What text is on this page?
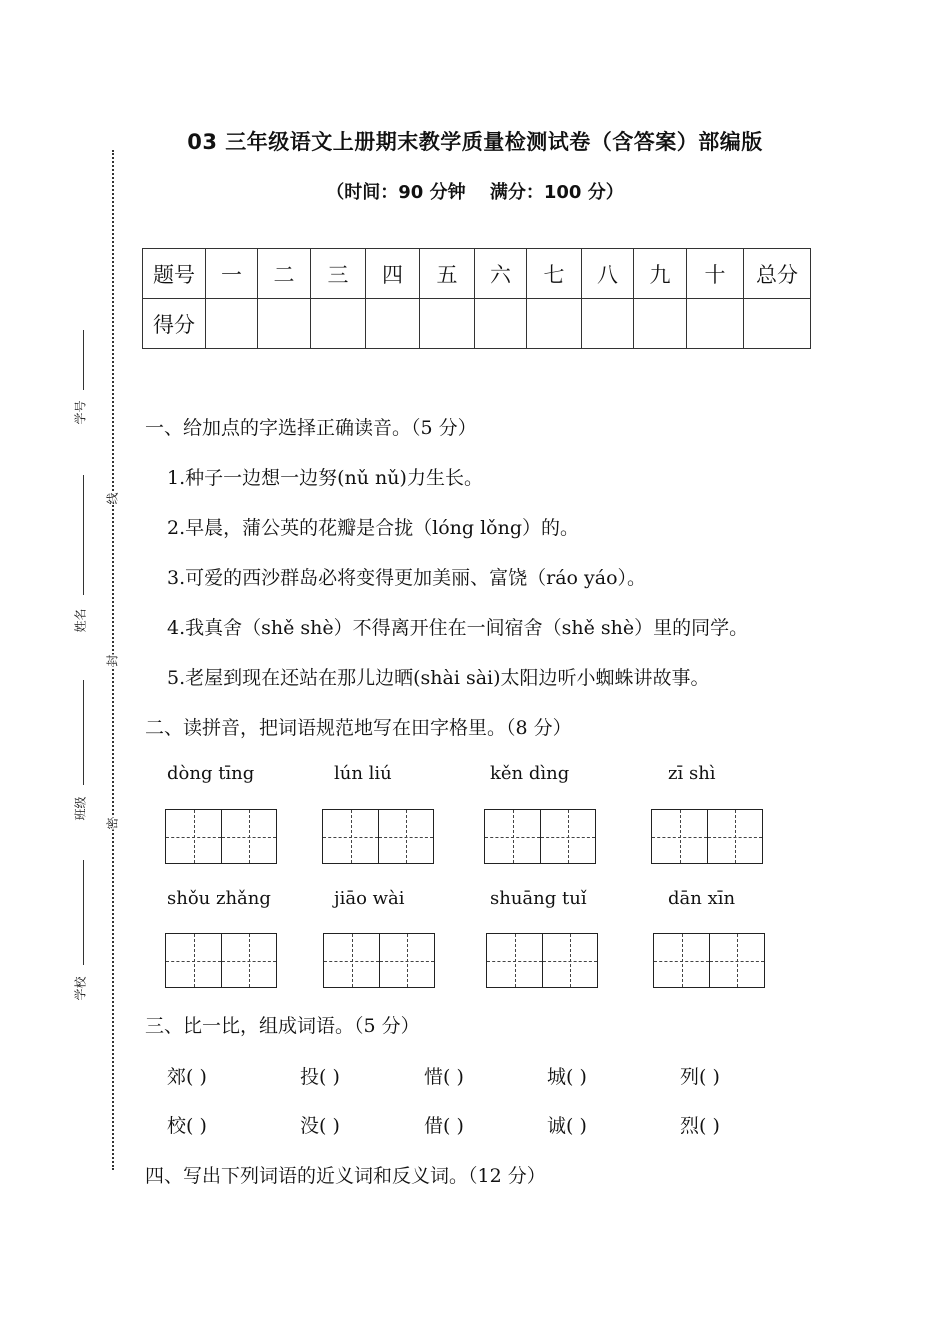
学号
姓名
班级
学校
线
封
密
03 三年级语文上册期末教学质量检测试卷（含答案）部编版
（时间：90 分钟　 满分：100 分）
题号	一	二	三	四	五	六	七	八	九	十	总分
得分											
一、给加点的字选择正确读音。（5 分）
1.种子一边想一边努(nǔ nǔ)力生长。
2.早晨，蒲公英的花瓣是合拢（lóng lǒng）的。
3.可爱的西沙群岛必将变得更加美丽、富饶（ráo yáo）。
4.我真舍（shě shè）不得离开住在一间宿舍（shě shè）里的同学。
5.老屋到现在还站在那儿边晒(shài sài)太阳边听小蜘蛛讲故事。
二、读拼音，把词语规范地写在田字格里。（8 分）
dòng tīng	lún liú	kěn dìng	zī shì
shǒu zhǎng	jiāo wài	shuāng tuǐ	dān xīn
三、比一比，组成词语。（5 分）
郊( )	投( )	惜( )	城( )	列( )
校( )	没( )	借( )	诚( )	烈( )
四、写出下列词语的近义词和反义词。（12 分）
